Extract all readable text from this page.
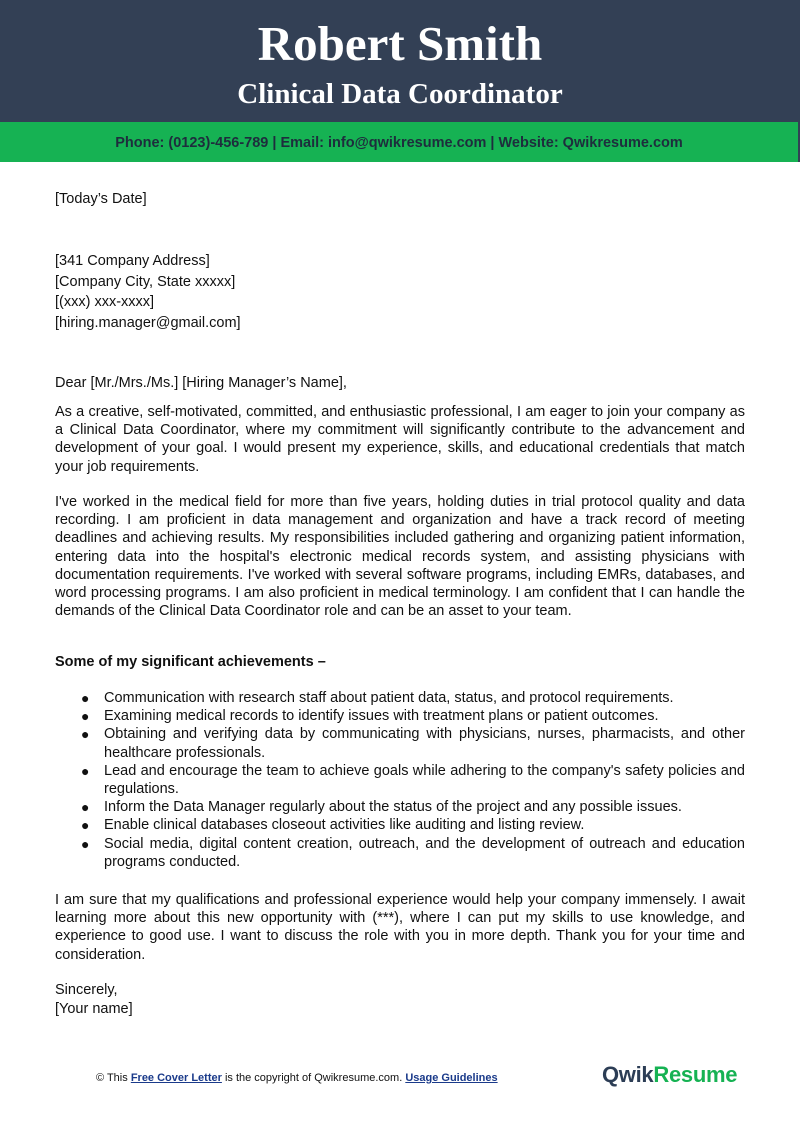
Robert Smith
Clinical Data Coordinator
Phone: (0123)-456-789 | Email: info@qwikresume.com | Website: Qwikresume.com
[Today’s Date]
[341 Company Address]
[Company City, State xxxxx]
[(xxx) xxx-xxxx]
[hiring.manager@gmail.com]
Dear [Mr./Mrs./Ms.] [Hiring Manager’s Name],

As a creative, self-motivated, committed, and enthusiastic professional, I am eager to join your company as a Clinical Data Coordinator, where my commitment will significantly contribute to the advancement and development of your goal. I would present my experience, skills, and educational credentials that match your job requirements.

I've worked in the medical field for more than five years, holding duties in trial protocol quality and data recording. I am proficient in data management and organization and have a track record of meeting deadlines and achieving results. My responsibilities included gathering and organizing patient information, entering data into the hospital's electronic medical records system, and assisting physicians with documentation requirements. I've worked with several software programs, including EMRs, databases, and word processing programs. I am also proficient in medical terminology. I am confident that I can handle the demands of the Clinical Data Coordinator role and can be an asset to your team.

Some of my significant achievements –
● Communication with research staff about patient data, status, and protocol requirements.
● Examining medical records to identify issues with treatment plans or patient outcomes.
● Obtaining and verifying data by communicating with physicians, nurses, pharmacists, and other healthcare professionals.
● Lead and encourage the team to achieve goals while adhering to the company's safety policies and regulations.
● Inform the Data Manager regularly about the status of the project and any possible issues.
● Enable clinical databases closeout activities like auditing and listing review.
● Social media, digital content creation, outreach, and the development of outreach and education programs conducted.

I am sure that my qualifications and professional experience would help your company immensely. I await learning more about this new opportunity with (***), where I can put my skills to use knowledge, and experience to good use. I want to discuss the role with you in more depth. Thank you for your time and consideration.

Sincerely,
[Your name]
© This Free Cover Letter is the copyright of Qwikresume.com. Usage Guidelines	QwikResume
